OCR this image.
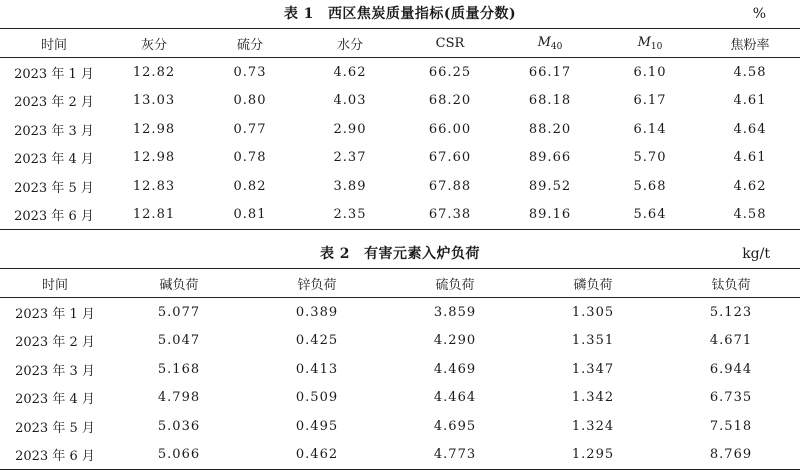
表 1 西区焦炭质量指标(质量分数)	%
时间	灰分	硫分	水分	CSR	$M_{40}$	$M_{10}$	焦粉率
2023 年 1 月	12.82	0.73	4.62	66.25	66.17	6.10	4.58
2023 年 2 月	13.03	0.80	4.03	68.20	68.18	6.17	4.61
2023 年 3 月	12.98	0.77	2.90	66.00	88.20	6.14	4.64
2023 年 4 月	12.98	0.78	2.37	67.60	89.66	5.70	4.61
2023 年 5 月	12.83	0.82	3.89	67.88	89.52	5.68	4.62
2023 年 6 月	12.81	0.81	2.35	67.38	89.16	5.64	4.58
表 2 有害元素入炉负荷	kg/t
时间	碱负荷	锌负荷	硫负荷	磷负荷	钛负荷
2023 年 1 月	5.077	0.389	3.859	1.305	5.123
2023 年 2 月	5.047	0.425	4.290	1.351	4.671
2023 年 3 月	5.168	0.413	4.469	1.347	6.944
2023 年 4 月	4.798	0.509	4.464	1.342	6.735
2023 年 5 月	5.036	0.495	4.695	1.324	7.518
2023 年 6 月	5.066	0.462	4.773	1.295	8.769
